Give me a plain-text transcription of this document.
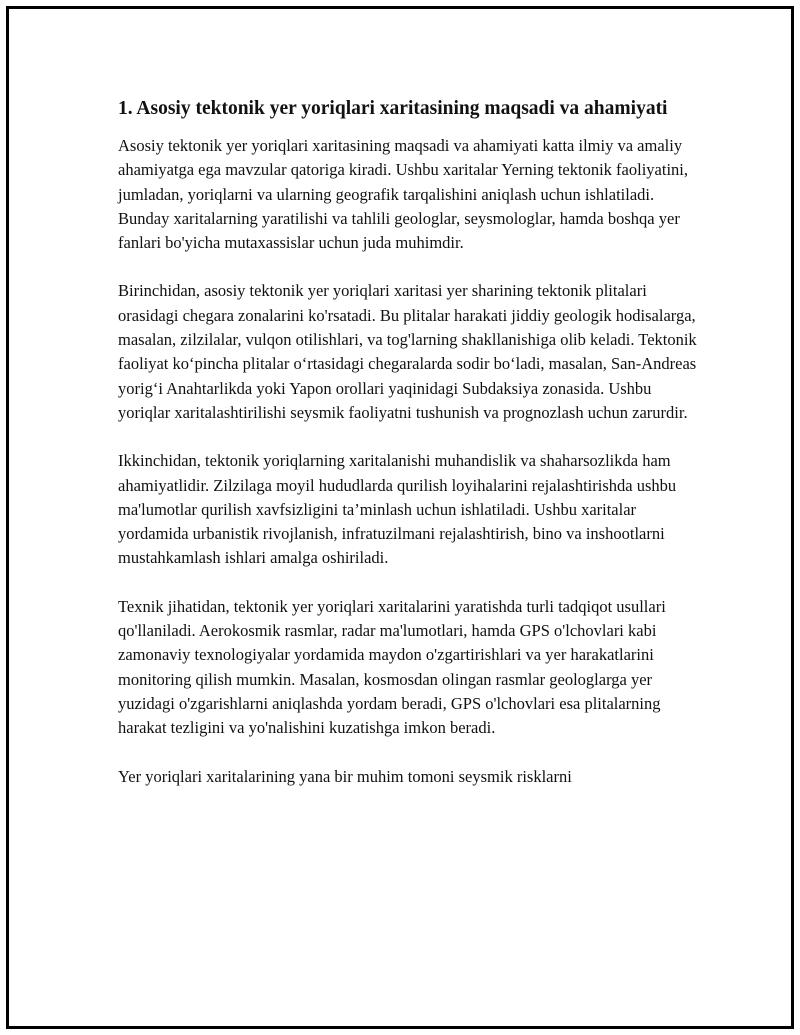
1. Asosiy tektonik yer yoriqlari xaritasining maqsadi va ahamiyati

Asosiy tektonik yer yoriqlari xaritasining maqsadi va ahamiyati katta ilmiy va amaliy ahamiyatga ega mavzular qatoriga kiradi. Ushbu xaritalar Yerning tektonik faoliyatini, jumladan, yoriqlarni va ularning geografik tarqalishini aniqlash uchun ishlatiladi. Bunday xaritalarning yaratilishi va tahlili geologlar, seysmologlar, hamda boshqa yer fanlari bo'yicha mutaxassislar uchun juda muhimdir.

Birinchidan, asosiy tektonik yer yoriqlari xaritasi yer sharining tektonik plitalari orasidagi chegara zonalarini ko'rsatadi. Bu plitalar harakati jiddiy geologik hodisalarga, masalan, zilzilalar, vulqon otilishlari, va tog'larning shakllanishiga olib keladi. Tektonik faoliyat ko‘pincha plitalar o‘rtasidagi chegaralarda sodir bo‘ladi, masalan, San-Andreas yorig‘i Anahtarlikda yoki Yapon orollari yaqinidagi Subdaksiya zonasida. Ushbu yoriqlar xaritalashtirilishi seysmik faoliyatni tushunish va prognozlash uchun zarurdir.

Ikkinchidan, tektonik yoriqlarning xaritalanishi muhandislik va shaharsozlikda ham ahamiyatlidir. Zilzilaga moyil hududlarda qurilish loyihalarini rejalashtirishda ushbu ma'lumotlar qurilish xavfsizligini ta’minlash uchun ishlatiladi. Ushbu xaritalar yordamida urbanistik rivojlanish, infratuzilmani rejalashtirish, bino va inshootlarni mustahkamlash ishlari amalga oshiriladi.

Texnik jihatidan, tektonik yer yoriqlari xaritalarini yaratishda turli tadqiqot usullari qo'llaniladi. Aerokosmik rasmlar, radar ma'lumotlari, hamda GPS o'lchovlari kabi zamonaviy texnologiyalar yordamida maydon o'zgartirishlari va yer harakatlarini monitoring qilish mumkin. Masalan, kosmosdan olingan rasmlar geologlarga yer yuzidagi o'zgarishlarni aniqlashda yordam beradi, GPS o'lchovlari esa plitalarning harakat tezligini va yo'nalishini kuzatishga imkon beradi.

Yer yoriqlari xaritalarining yana bir muhim tomoni seysmik risklarni
